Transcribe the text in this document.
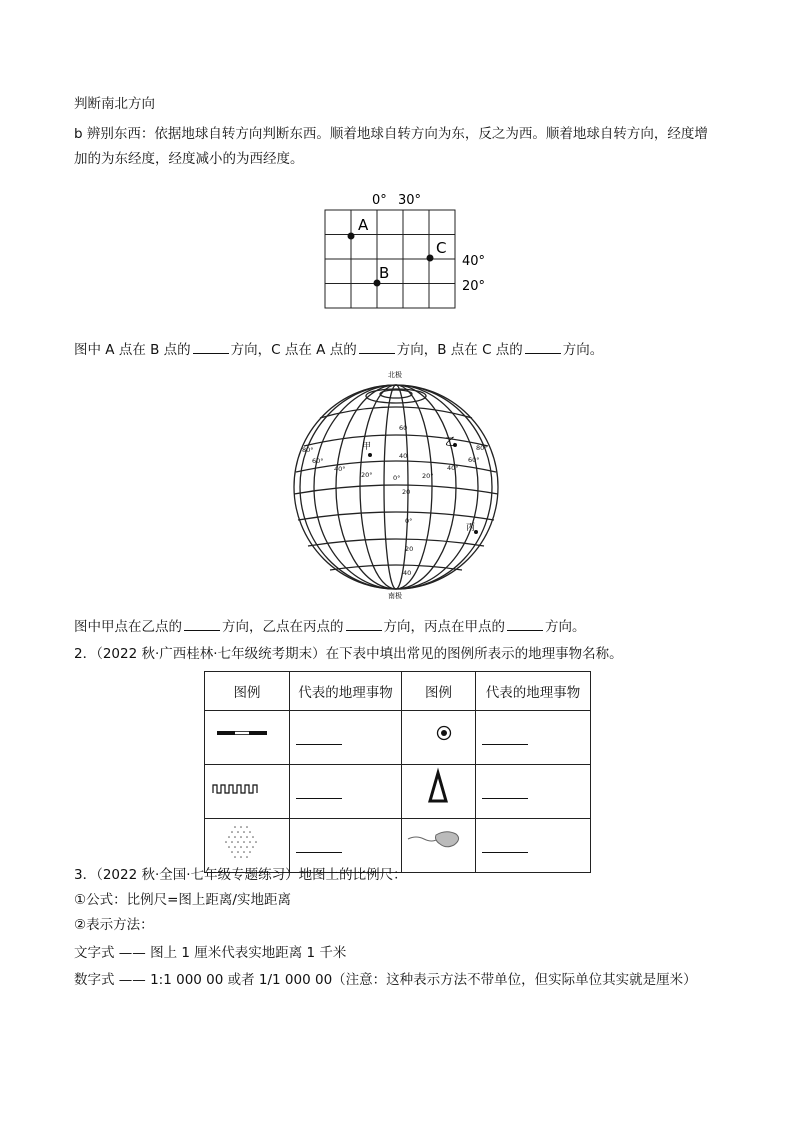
判断南北方向
b 辨别东西：依据地球自转方向判断东西。顺着地球自转方向为东，反之为西。顺着地球自转方向，经度增
加的为东经度，经度减小的为西经度。
0° 30°
A
B
C
40°
20°
图中 A 点在 B 点的	方向，C 点在 A 点的	方向，B 点在 C 点的	方向。
北极
80°
60°
40°
20°	0°	20°
40°
60°
80°
60
40
20
0°
20
40
甲	乙
丙
南极
图中甲点在乙点的	方向，乙点在丙点的	方向，丙点在甲点的	方向。
2．（2022 秋·广西桂林·七年级统考期末）在下表中填出常见的图例所表示的地理事物名称。
图例	代表的地理事物	图例	代表的地理事物

3．（2022 秋·全国·七年级专题练习）地图上的比例尺：
①公式：比例尺=图上距离/实地距离
②表示方法：
文字式 —— 图上 1 厘米代表实地距离 1 千米
数字式 —— 1:1 000 00 或者 1/1 000 00（注意：这种表示方法不带单位，但实际单位其实就是厘米）
